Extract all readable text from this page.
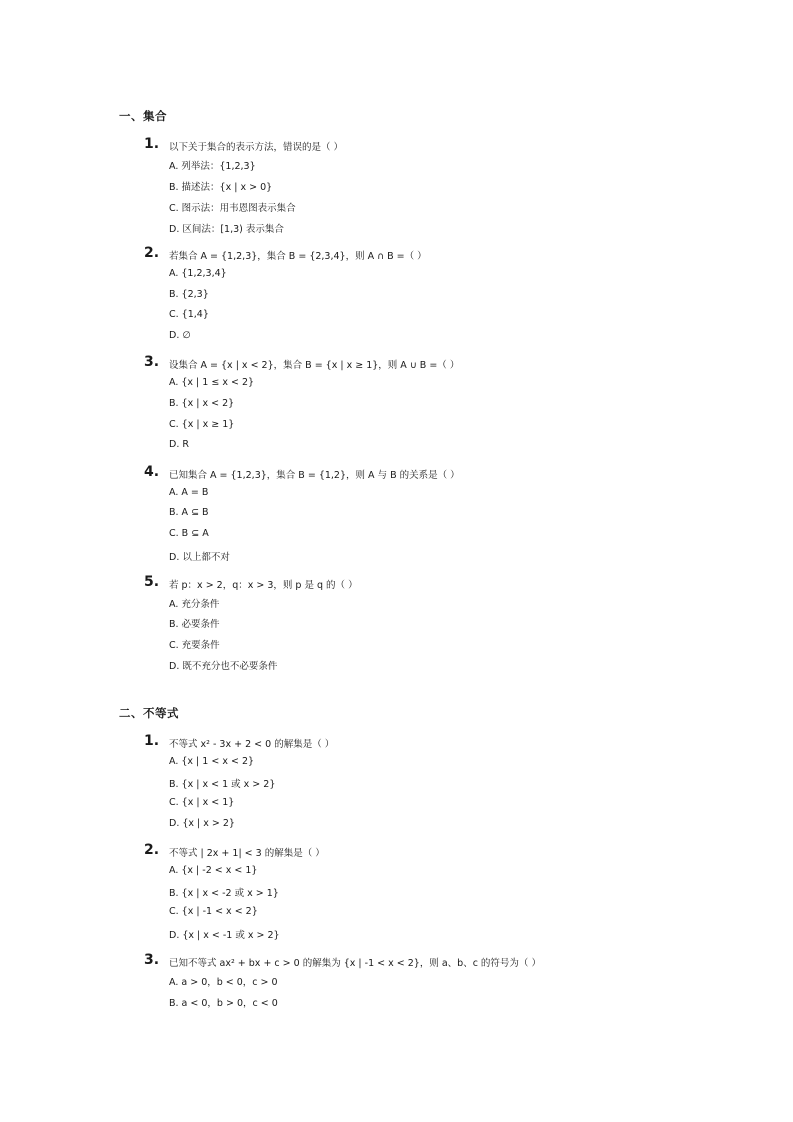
一、集合
1. 以下关于集合的表示方法，错误的是（ ）
A. 列举法：{1,2,3}
B. 描述法：{x | x > 0}
C. 图示法：用韦恩图表示集合
D. 区间法：[1,3) 表示集合
2. 若集合 A = {1,2,3}，集合 B = {2,3,4}，则 A ∩ B =（ ）
A. {1,2,3,4}
B. {2,3}
C. {1,4}
D. ∅
3. 设集合 A = {x | x < 2}，集合 B = {x | x ≥ 1}，则 A ∪ B =（ ）
A. {x | 1 ≤ x < 2}
B. {x | x < 2}
C. {x | x ≥ 1}
D. R
4. 已知集合 A = {1,2,3}，集合 B = {1,2}，则 A 与 B 的关系是（ ）
A. A = B
B. A ⊆ B
C. B ⊆ A
D. 以上都不对
5. 若 p：x > 2，q：x > 3，则 p 是 q 的（ ）
A. 充分条件
B. 必要条件
C. 充要条件
D. 既不充分也不必要条件
二、不等式
1. 不等式 x² - 3x + 2 < 0 的解集是（ ）
A. {x | 1 < x < 2}
B. {x | x < 1 或 x > 2}
C. {x | x < 1}
D. {x | x > 2}
2. 不等式 | 2x + 1| < 3 的解集是（ ）
A. {x | -2 < x < 1}
B. {x | x < -2 或 x > 1}
C. {x | -1 < x < 2}
D. {x | x < -1 或 x > 2}
3. 已知不等式 ax² + bx + c > 0 的解集为 {x | -1 < x < 2}，则 a、b、c 的符号为（ ）
A. a > 0，b < 0，c > 0
B. a < 0，b > 0，c < 0
